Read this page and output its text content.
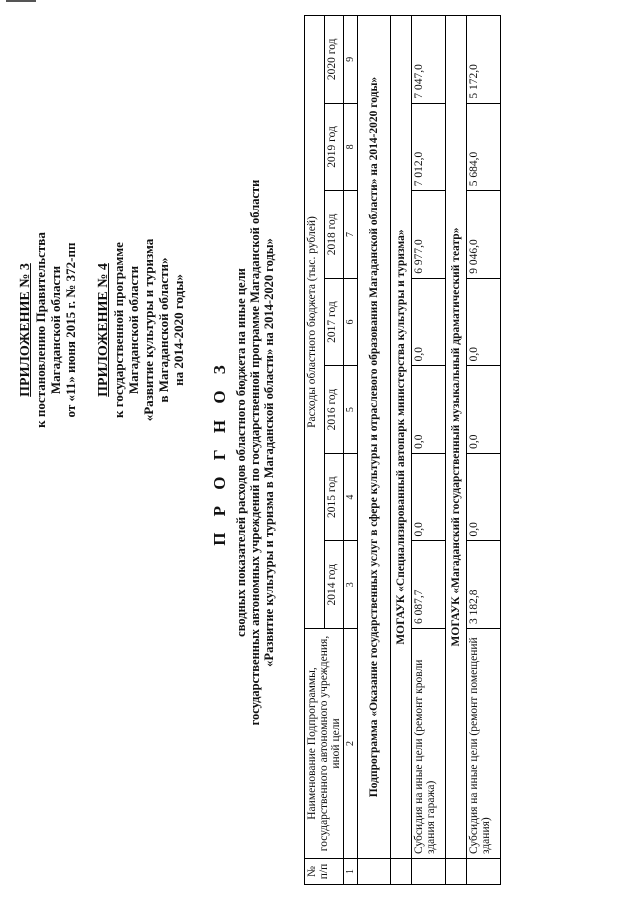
ПРИЛОЖЕНИЕ № 3 к постановлению Правительства Магаданской области от «11» июня 2015 г. № 372-пп ПРИЛОЖЕНИЕ № 4 к государственной программе Магаданской области «Развитие культуры и туризма в Магаданской области» на 2014-2020 годы»
П Р О Г Н О З сводных показателей расходов областного бюджета на иные цели государственных автономных учреждений по государственной программе Магаданской области «Развитие культуры и туризма в Магаданской области» на 2014-2020 годы»
№ п/п	Наименование Подпрограммы, государственного автономного учреждения, иной цели	Расходы областного бюджета (тыс. рублей)						
		2014 год	2015 год	2016 год	2017 год	2018 год	2019 год	2020 год
1	2	3	4	5	6	7	8	9
	Подпрограмма «Оказание государственных услуг в сфере культуры и отраслевого образования Магаданской области» на 2014-2020 годы»							
	МОГАУК «Специализированный автопарк министерства культуры и туризма»							
	Субсидия на иные цели (ремонт кровли здания гаража)	6 087,7	0,0	0,0	0,0	6 977,0	7 012,0	7 047,0
	МОГАУК «Магаданский государственный музыкальный драматический театр»							
	Субсидия на иные цели (ремонт помещений здания)	3 182,8	0,0	0,0	0,0	9 046,0	5 684,0	5 172,0
